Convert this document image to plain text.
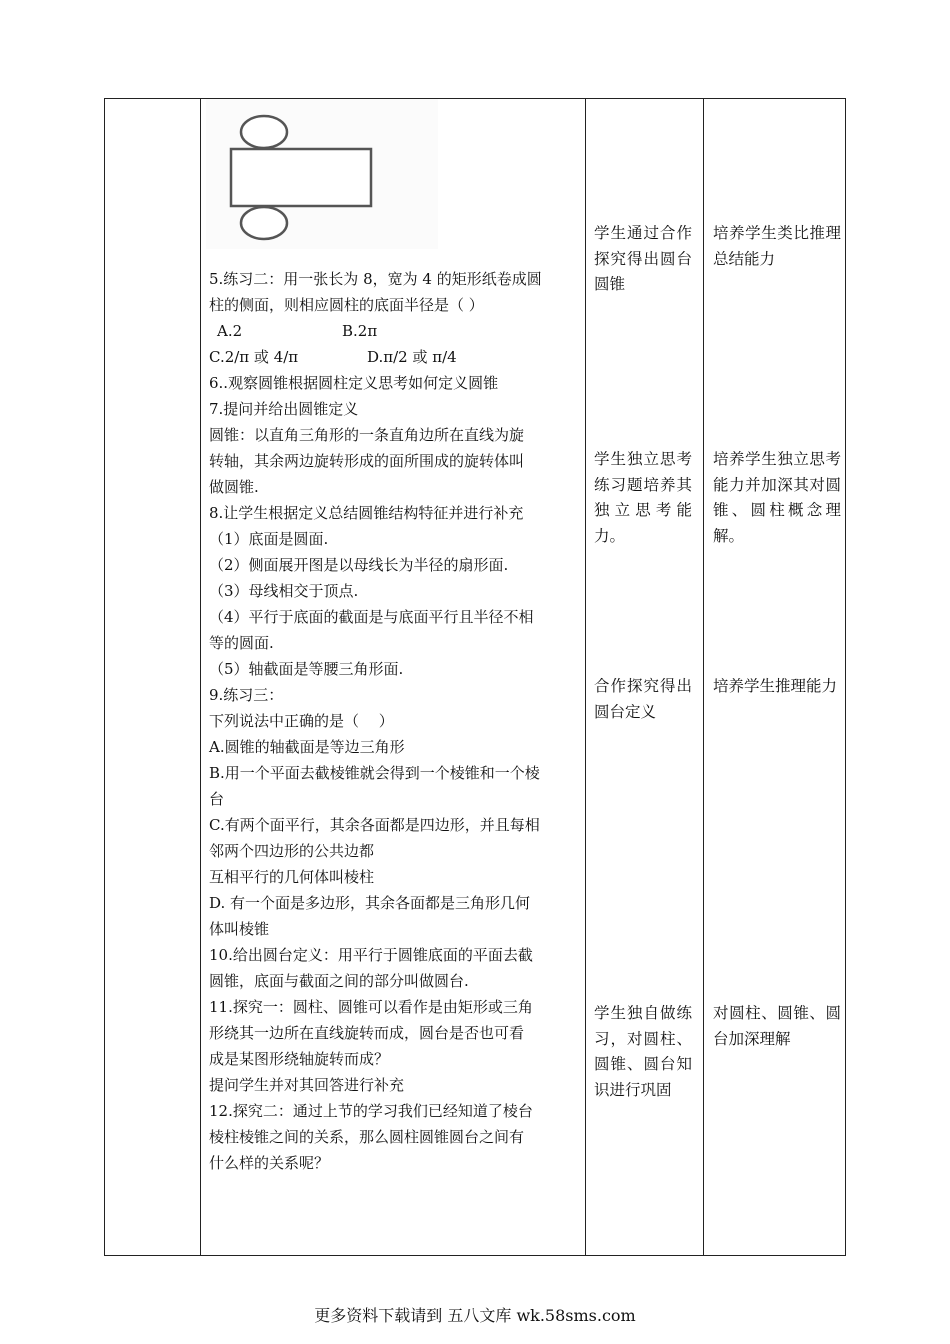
5.练习二：用一张长为 8，宽为 4 的矩形纸卷成圆
柱的侧面，则相应圆柱的底面半径是（ ）
A.2	B.2π
C.2/π 或 4/π	D.π/2 或 π/4
6..观察圆锥根据圆柱定义思考如何定义圆锥
7.提问并给出圆锥定义
圆锥：以直角三角形的一条直角边所在直线为旋
转轴，其余两边旋转形成的面所围成的旋转体叫
做圆锥.
8.让学生根据定义总结圆锥结构特征并进行补充
（1）底面是圆面.
（2）侧面展开图是以母线长为半径的扇形面.
（3）母线相交于顶点.
（4）平行于底面的截面是与底面平行且半径不相
等的圆面.
（5）轴截面是等腰三角形面.
9.练习三：
下列说法中正确的是（　 ）
A.圆锥的轴截面是等边三角形
B.用一个平面去截棱锥就会得到一个棱锥和一个棱
台
C.有两个面平行，其余各面都是四边形，并且每相
邻两个四边形的公共边都
互相平行的几何体叫棱柱
D. 有一个面是多边形，其余各面都是三角形几何
体叫棱锥
10.给出圆台定义：用平行于圆锥底面的平面去截
圆锥，底面与截面之间的部分叫做圆台.
11.探究一：圆柱、圆锥可以看作是由矩形或三角
形绕其一边所在直线旋转而成，圆台是否也可看
成是某图形绕轴旋转而成？
提问学生并对其回答进行补充
12.探究二：通过上节的学习我们已经知道了棱台
棱柱棱锥之间的关系，那么圆柱圆锥圆台之间有
什么样的关系呢？
学生通过合作探究得出圆台圆锥
学生独立思考练习题培养其独立思考能力。
合作探究得出圆台定义
学生独自做练习，对圆柱、圆锥、圆台知识进行巩固
培养学生类比推理总结能力
培养学生独立思考能力并加深其对圆锥、圆柱概念理解。
培养学生推理能力
对圆柱、圆锥、圆台加深理解
更多资料下载请到 五八文库 wk.58sms.com
